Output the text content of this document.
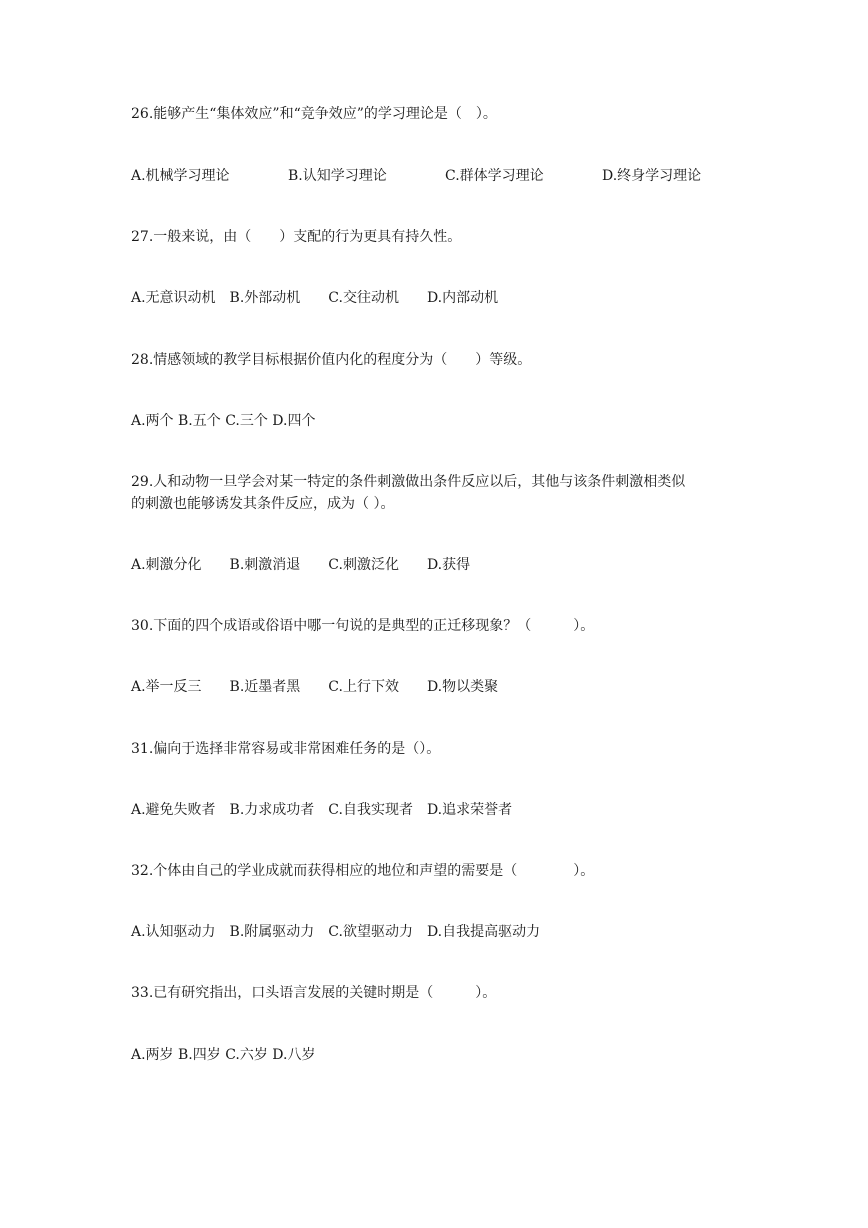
26.能够产生“集体效应”和“竞争效应”的学习理论是（　）。
A.机械学习理论	B.认知学习理论	C.群体学习理论	D.终身学习理论
27.一般来说，由（　　）支配的行为更具有持久性。
A.无意识动机　B.外部动机　　C.交往动机　　D.内部动机
28.情感领域的教学目标根据价值内化的程度分为（　　）等级。
A.两个 B.五个 C.三个 D.四个
29.人和动物一旦学会对某一特定的条件刺激做出条件反应以后，其他与该条件刺激相类似
的刺激也能够诱发其条件反应，成为（ ）。
A.刺激分化　　B.刺激消退　　C.刺激泛化　　D.获得
30.下面的四个成语或俗语中哪一句说的是典型的正迁移现象？（　　　）。
A.举一反三　　B.近墨者黑　　C.上行下效　　D.物以类聚
31.偏向于选择非常容易或非常困难任务的是（）。
A.避免失败者　B.力求成功者　C.自我实现者　D.追求荣誉者
32.个体由自己的学业成就而获得相应的地位和声望的需要是（　　　　）。
A.认知驱动力　B.附属驱动力　C.欲望驱动力　D.自我提高驱动力
33.已有研究指出，口头语言发展的关键时期是（　　　）。
A.两岁 B.四岁 C.六岁 D.八岁
